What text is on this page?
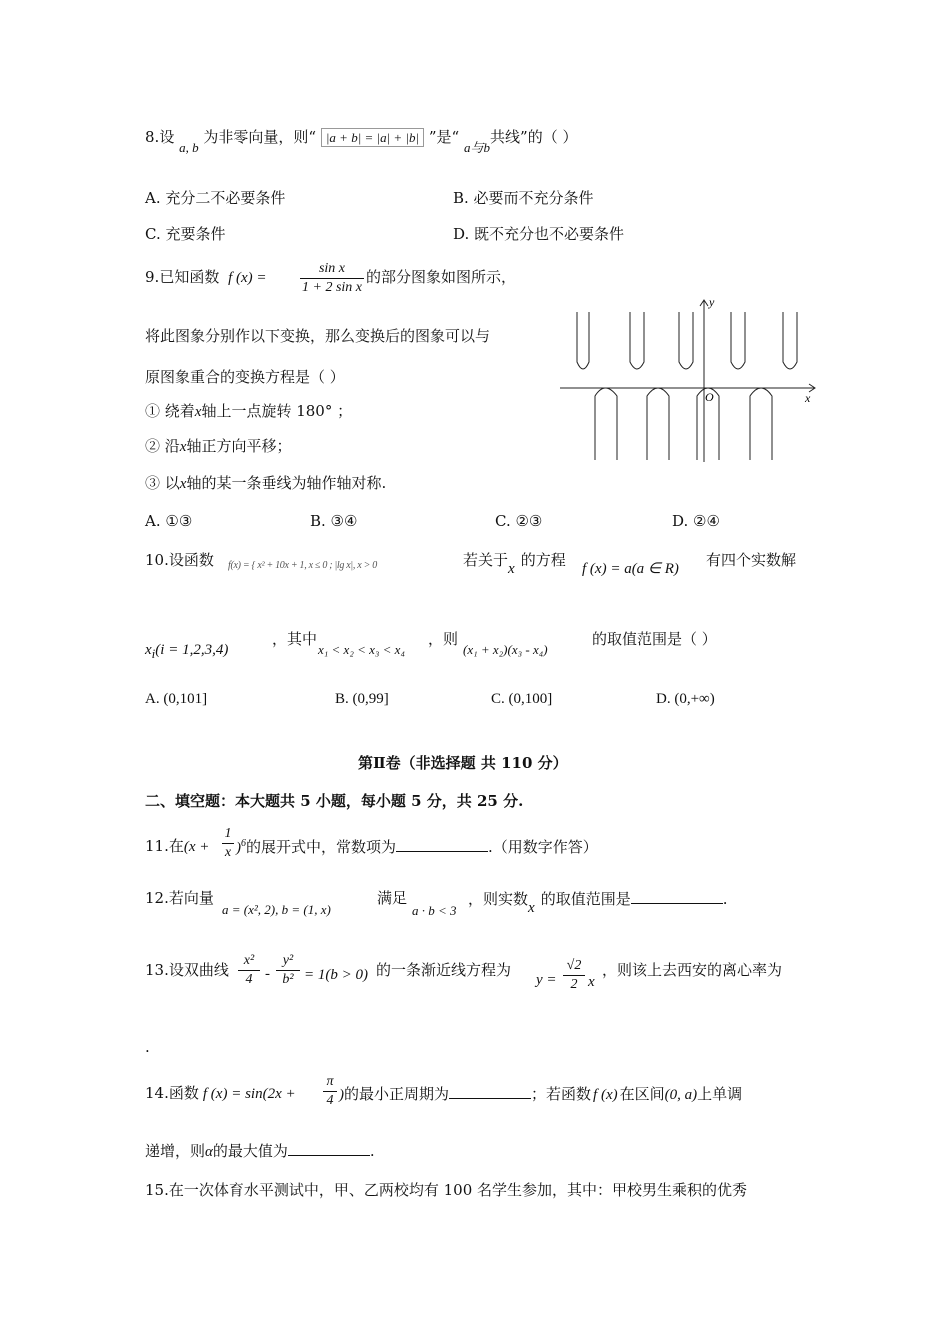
8.设 a, b 为非零向量，则“ |a + b| = |a| + |b| ”是“ a与b共线”的（ ）
A. 充分二不必要条件	B. 必要而不充分条件
C. 充要条件	D. 既不充分也不必要条件
9.已知函数 f (x) =
sin x
1 + 2 sin x
的部分图象如图所示，
将此图象分别作以下变换，那么变换后的图象可以与
原图象重合的变换方程是（ ）
① 绕着x轴上一点旋转 180° ；
② 沿x轴正方向平移；
③ 以x轴的某一条垂线为轴作轴对称.
y
x
O
A. ①③	B. ③④	C. ②③	D. ②④
10.设函数 f(x) = { x² + 10x + 1, x ≤ 0 ; |lg x|, x > 0	若关于x 的方程 f (x) = a(a ∈ R) 有四个实数解
$x_i(i = 1,2,3,4)$
，其中
x₁ < x₂ < x₃ < x₄
，则
(x₁ + x₂)(x₃ - x₄)
的取值范围是（ ）
A. (0,101]	B. (0,99]	C. (0,100]	D. (0,+∞)
第Ⅱ卷（非选择题 共 110 分）
二、填空题：本大题共 5 小题，每小题 5 分，共 25 分.
11.在(x +
1
x )$^6$的展开式中，常数项为	.（用数字作答）
12.若向量
a = (x², 2), b = (1, x)
满足
a · b < 3
，则实数x 的取值范围是	.
13.设双曲线
x²
4 -
y²
b² = 1(b > 0) 的一条渐近线方程为
y =
√2
2 x
，则该上去西安的离心率为
.
14.函数 f (x) = sin(2x +
π
4 )的最小正周期为	；若函数 f (x) 在区间(0, a)上单调
递增，则α的最大值为	.
15.在一次体育水平测试中，甲、乙两校均有 100 名学生参加，其中：甲校男生乘积的优秀
